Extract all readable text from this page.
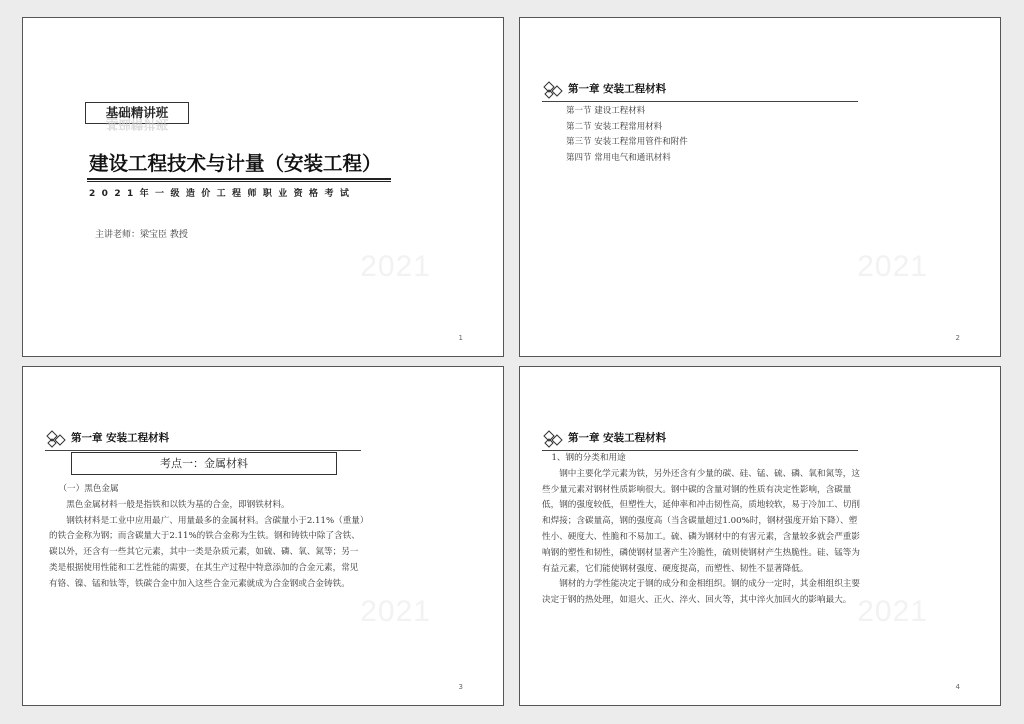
基础精讲班
基础精讲班
建设工程技术与计量（安装工程）
2021年一级造价工程师职业资格考试
主讲老师：梁宝臣 教授
2021
1
第一章 安装工程材料
第一节 建设工程材料
第二节 安装工程常用材料
第三节 安装工程常用管件和附件
第四节 常用电气和通讯材料
2021
2
第一章 安装工程材料
考点一：金属材料

（一）黑色金属

黑色金属材料一般是指铁和以铁为基的合金，即钢铁材料。

钢铁材料是工业中应用最广、用量最多的金属材料。含碳量小于2.11%（重量）的铁合金称为钢；而含碳量大于2.11%的铁合金称为生铁。钢和铸铁中除了含铁、碳以外，还含有一些其它元素，其中一类是杂质元素，如硫、磷、氧、氮等；另一类是根据使用性能和工艺性能的需要，在其生产过程中特意添加的合金元素，常见有铬、镍、锰和钛等，铁碳合金中加入这些合金元素就成为合金钢或合金铸铁。

2021
3
第一章 安装工程材料

1、钢的分类和用途

钢中主要化学元素为铁，另外还含有少量的碳、硅、锰、硫、磷、氧和氮等，这些少量元素对钢材性质影响很大。钢中碳的含量对钢的性质有决定性影响，含碳量低，钢的强度较低，但塑性大，延伸率和冲击韧性高，质地较软，易于冷加工、切削和焊接；含碳量高，钢的强度高（当含碳量超过1.00%时，钢材强度开始下降）、塑性小、硬度大、性脆和不易加工。硫、磷为钢材中的有害元素，含量较多就会严重影响钢的塑性和韧性，磷使钢材显著产生冷脆性，硫则使钢材产生热脆性。硅、锰等为有益元素，它们能使钢材强度、硬度提高，而塑性、韧性不显著降低。

钢材的力学性能决定于钢的成分和金相组织。钢的成分一定时，其金相组织主要决定于钢的热处理，如退火、正火、淬火、回火等，其中淬火加回火的影响最大。 2021
4
